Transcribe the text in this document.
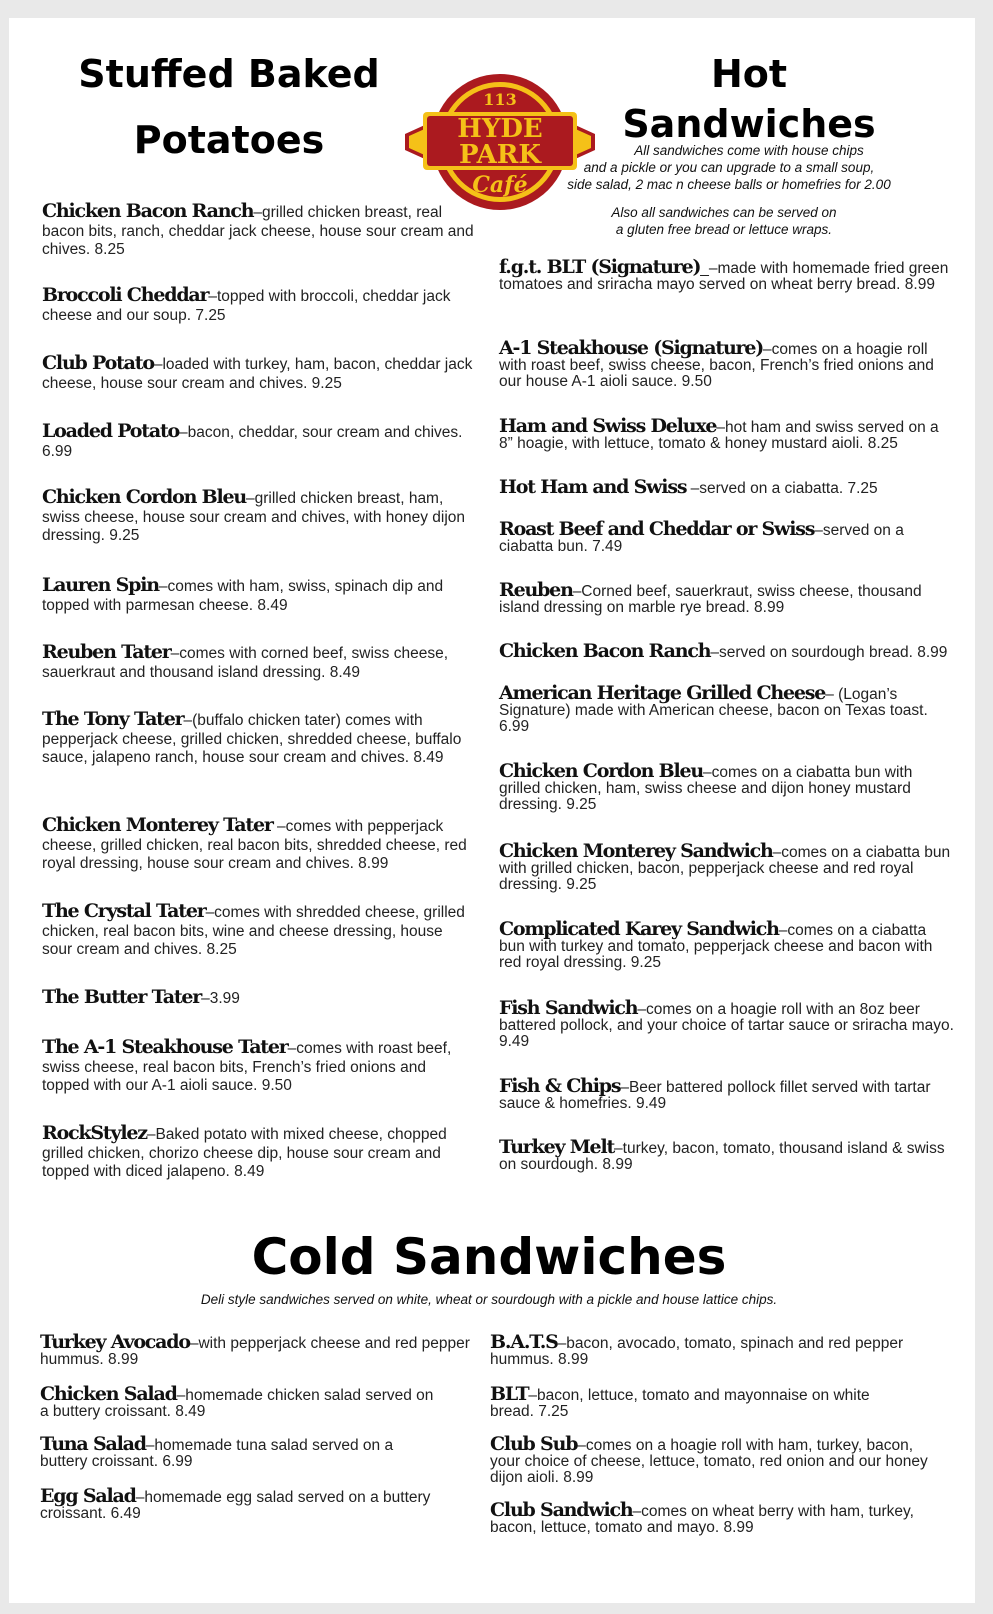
Stuffed Baked
Potatoes
113
HYDE
PARK
Café
Hot
Sandwiches
All sandwiches come with house chips
and a pickle or you can upgrade to a small soup,
side salad, 2 mac n cheese balls or homefries for 2.00
Also all sandwiches can be served on
a gluten free bread or lettuce wraps.
Chicken Bacon Ranch–grilled chicken breast, real bacon bits, ranch, cheddar jack cheese, house sour cream and chives. 8.25
Broccoli Cheddar–topped with broccoli, cheddar jack cheese and our soup. 7.25
Club Potato–loaded with turkey, ham, bacon, cheddar jack cheese, house sour cream and chives. 9.25
Loaded Potato–bacon, cheddar, sour cream and chives. 6.99
Chicken Cordon Bleu–grilled chicken breast, ham, swiss cheese, house sour cream and chives, with honey dijon dressing. 9.25
Lauren Spin–comes with ham, swiss, spinach dip and topped with parmesan cheese. 8.49
Reuben Tater–comes with corned beef, swiss cheese, sauerkraut and thousand island dressing. 8.49
The Tony Tater–(buffalo chicken tater) comes with pepperjack cheese, grilled chicken, shredded cheese, buffalo sauce, jalapeno ranch, house sour cream and chives. 8.49
Chicken Monterey Tater –comes with pepperjack cheese, grilled chicken, real bacon bits, shredded cheese, red royal dressing, house sour cream and chives. 8.99
The Crystal Tater–comes with shredded cheese, grilled chicken, real bacon bits, wine and cheese dressing, house sour cream and chives. 8.25
The Butter Tater–3.99
The A-1 Steakhouse Tater–comes with roast beef, swiss cheese, real bacon bits, French’s fried onions and topped with our A-1 aioli sauce. 9.50
RockStylez–Baked potato with mixed cheese, chopped grilled chicken, chorizo cheese dip, house sour cream and topped with diced jalapeno. 8.49
f.g.t. BLT (Signature)_–made with homemade fried green tomatoes and sriracha mayo served on wheat berry bread. 8.99
A-1 Steakhouse (Signature)–comes on a hoagie roll with roast beef, swiss cheese, bacon, French’s fried onions and our house A-1 aioli sauce. 9.50
Ham and Swiss Deluxe–hot ham and swiss served on a 8” hoagie, with lettuce, tomato & honey mustard aioli. 8.25
Hot Ham and Swiss –served on a ciabatta. 7.25
Roast Beef and Cheddar or Swiss–served on a ciabatta bun. 7.49
Reuben–Corned beef, sauerkraut, swiss cheese, thousand island dressing on marble rye bread. 8.99
Chicken Bacon Ranch–served on sourdough bread. 8.99
American Heritage Grilled Cheese– (Logan’s Signature) made with American cheese, bacon on Texas toast. 6.99
Chicken Cordon Bleu–comes on a ciabatta bun with grilled chicken, ham, swiss cheese and dijon honey mustard dressing. 9.25
Chicken Monterey Sandwich–comes on a ciabatta bun with grilled chicken, bacon, pepperjack cheese and red royal dressing. 9.25
Complicated Karey Sandwich–comes on a ciabatta bun with turkey and tomato, pepperjack cheese and bacon with red royal dressing. 9.25
Fish Sandwich–comes on a hoagie roll with an 8oz beer battered pollock, and your choice of tartar sauce or sriracha mayo. 9.49
Fish & Chips–Beer battered pollock fillet served with tartar sauce & homefries. 9.49
Turkey Melt–turkey, bacon, tomato, thousand island & swiss on sourdough. 8.99
Cold Sandwiches
Deli style sandwiches served on white, wheat or sourdough with a pickle and house lattice chips.
Turkey Avocado–with pepperjack cheese and red pepper hummus. 8.99
Chicken Salad–homemade chicken salad served on a buttery croissant. 8.49
Tuna Salad–homemade tuna salad served on a buttery croissant. 6.99
Egg Salad–homemade egg salad served on a buttery croissant. 6.49
B.A.T.S–bacon, avocado, tomato, spinach and red pepper hummus. 8.99
BLT–bacon, lettuce, tomato and mayonnaise on white bread. 7.25
Club Sub–comes on a hoagie roll with ham, turkey, bacon, your choice of cheese, lettuce, tomato, red onion and our honey dijon aioli. 8.99
Club Sandwich–comes on wheat berry with ham, turkey, bacon, lettuce, tomato and mayo. 8.99
